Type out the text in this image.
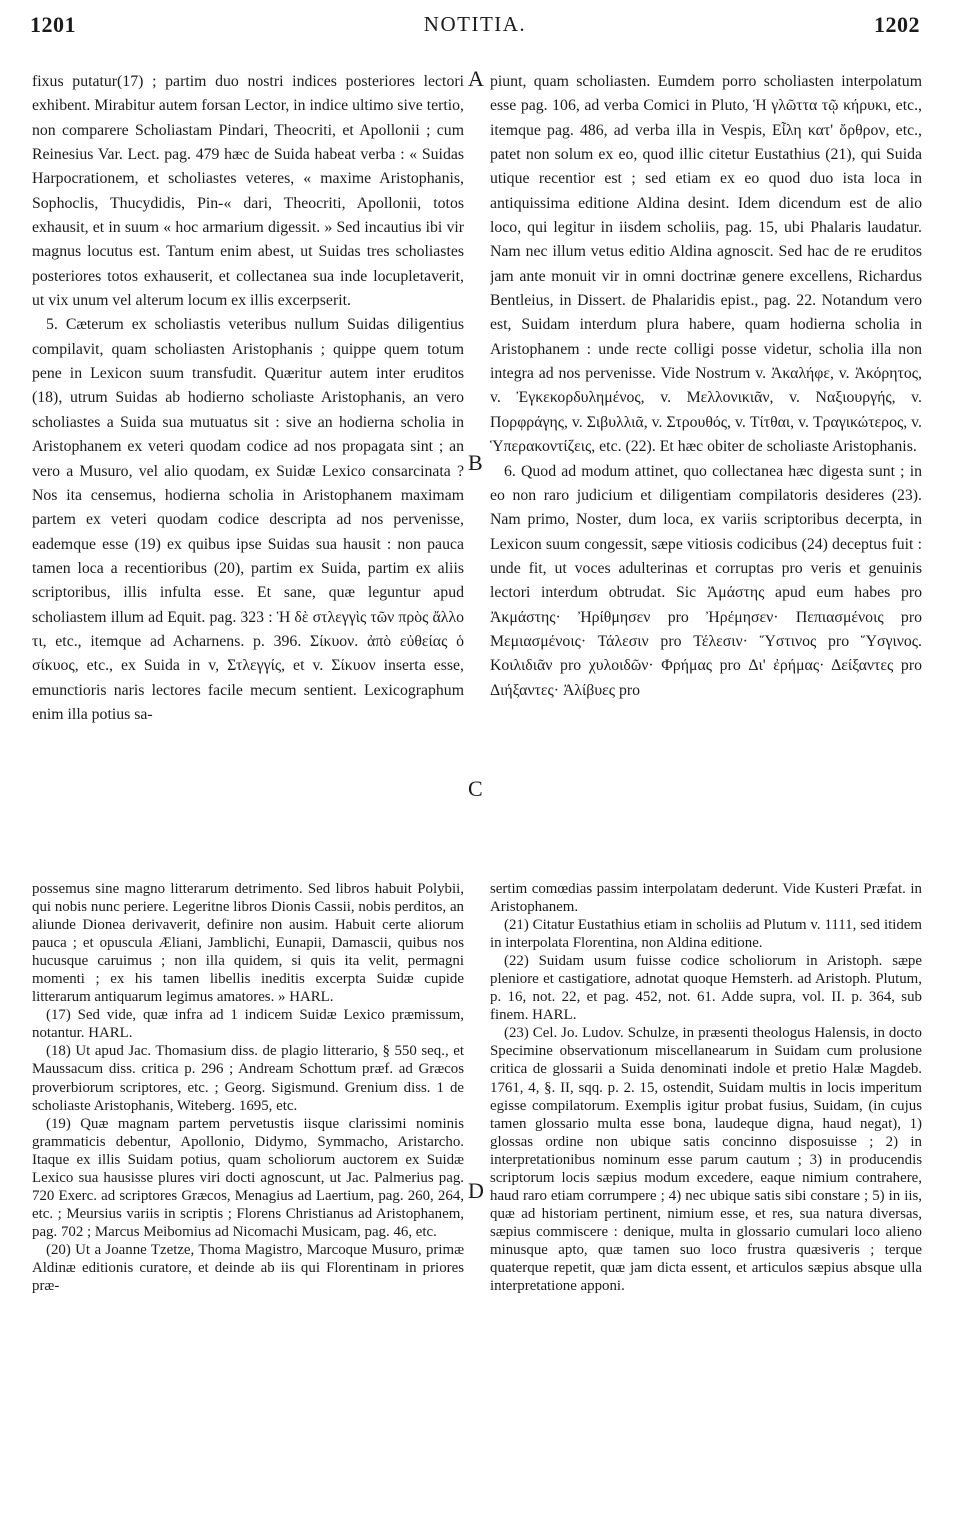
1201	NOTITIA.	1202

fixus putatur(17) ; partim duo nostri indices posteriores lectori exhibent. Mirabitur autem forsan Lector, in indice ultimo sive tertio, non comparere Scholiastam Pindari, Theocriti, et Apollonii ; cum Reinesius Var. Lect. pag. 479 hæc de Suida habeat verba : « Suidas Harpocrationem, et scholiastes veteres, « maxime Aristophanis, Sophoclis, Thucydidis, Pin-« dari, Theocriti, Apollonii, totos exhausit, et in suum « hoc armarium digessit. » Sed incautius ibi vir magnus locutus est. Tantum enim abest, ut Suidas tres scholiastes posteriores totos exhauserit, et collectanea sua inde locupletaverit, ut vix unum vel alterum locum ex illis excerpserit.

5. Cæterum ex scholiastis veteribus nullum Suidas diligentius compilavit, quam scholiasten Aristophanis ; quippe quem totum pene in Lexicon suum transfudit. Quæritur autem inter eruditos (18), utrum Suidas ab hodierno scholiaste Aristophanis, an vero scholiastes a Suida sua mutuatus sit : sive an hodierna scholia in Aristophanem ex veteri quodam codice ad nos propagata sint ; an vero a Musuro, vel alio quodam, ex Suidæ Lexico consarcinata ? Nos ita censemus, hodierna scholia in Aristophanem maximam partem ex veteri quodam codice descripta ad nos pervenisse, eademque esse (19) ex quibus ipse Suidas sua hausit : non pauca tamen loca a recentioribus (20), partim ex Suida, partim ex aliis scriptoribus, illis infulta esse. Et sane, quæ leguntur apud scholiastem illum ad Equit. pag. 323 : Ἡ δὲ στλεγγὶς τῶν πρὸς ἄλλο τι, etc., itemque ad Acharnens. p. 396. Σίκυον. ἀπὸ εὐθείας ὁ σίκυος, etc., ex Suida in v, Στλεγγίς, et v. Σίκυον inserta esse, emunctioris naris lectores facile mecum sentient. Lexicographum enim illa potius sa-

piunt, quam scholiasten. Eumdem porro scholiasten interpolatum esse pag. 106, ad verba Comici in Pluto, Ἡ γλῶττα τῷ κήρυκι, etc., itemque pag. 486, ad verba illa in Vespis, Εἶλη κατ' ὄρθρον, etc., patet non solum ex eo, quod illic citetur Eustathius (21), qui Suida utique recentior est ; sed etiam ex eo quod duo ista loca in antiquissima editione Aldina desint. Idem dicendum est de alio loco, qui legitur in iisdem scholiis, pag. 15, ubi Phalaris laudatur. Nam nec illum vetus editio Aldina agnoscit. Sed hac de re eruditos jam ante monuit vir in omni doctrinæ genere excellens, Richardus Bentleius, in Dissert. de Phalaridis epist., pag. 22. Notandum vero est, Suidam interdum plura habere, quam hodierna scholia in Aristophanem : unde recte colligi posse videtur, scholia illa non integra ad nos pervenisse. Vide Nostrum v. Ἀκαλήφε, v. Ἀκόρητος, v. Ἐγκεκορδυλημένος, v. Μελλονικιᾶν, v. Ναξιουργής, v. Πορφράγης, v. Σιβυλλιᾶ, v. Στρουθός, v. Τίτθαι, v. Τραγικώτερος, v. Ὑπερακοντίζεις, etc. (22). Et hæc obiter de scholiaste Aristophanis.

6. Quod ad modum attinet, quo collectanea hæc digesta sunt ; in eo non raro judicium et diligentiam compilatoris desideres (23). Nam primo, Noster, dum loca, ex variis scriptoribus decerpta, in Lexicon suum congessit, sæpe vitiosis codicibus (24) deceptus fuit : unde fit, ut voces adulterinas et corruptas pro veris et genuinis lectori interdum obtrudat. Sic Ἀμάστης apud eum habes pro Ἀκμάστης· Ἠρίθμησεν pro Ἠρέμησεν· Πεπιασμένοις pro Μεμιασμένοις· Τάλεσιν pro Τέλεσιν· Ὕστινος pro Ὕσγινος. Κοιλιδιᾶν pro χυλοιδῶν· Φρήμας pro Δι' ἐρήμας· Δείξαντες pro Διήξαντες· Ἀλίβυες pro

A
B
C
D

possemus sine magno litterarum detrimento. Sed libros habuit Polybii, qui nobis nunc periere. Legeritne libros Dionis Cassii, nobis perditos, an aliunde Dionea derivaverit, definire non ausim. Habuit certe aliorum pauca ; et opuscula Æliani, Jamblichi, Eunapii, Damascii, quibus nos hucusque caruimus ; non illa quidem, si quis ita velit, permagni momenti ; ex his tamen libellis ineditis excerpta Suidæ cupide litterarum antiquarum legimus amatores. » HARL.

(17) Sed vide, quæ infra ad 1 indicem Suidæ Lexico præmissum, notantur. HARL.

(18) Ut apud Jac. Thomasium diss. de plagio litterario, § 550 seq., et Maussacum diss. critica p. 296 ; Andream Schottum præf. ad Græcos proverbiorum scriptores, etc. ; Georg. Sigismund. Grenium diss. 1 de scholiaste Aristophanis, Witeberg. 1695, etc.

(19) Quæ magnam partem pervetustis iisque clarissimi nominis grammaticis debentur, Apollonio, Didymo, Symmacho, Aristarcho. Itaque ex illis Suidam potius, quam scholiorum auctorem ex Suidæ Lexico sua hausisse plures viri docti agnoscunt, ut Jac. Palmerius pag. 720 Exerc. ad scriptores Græcos, Menagius ad Laertium, pag. 260, 264, etc. ; Meursius variis in scriptis ; Florens Christianus ad Aristophanem, pag. 702 ; Marcus Meibomius ad Nicomachi Musicam, pag. 46, etc.

(20) Ut a Joanne Tzetze, Thoma Magistro, Marcoque Musuro, primæ Aldinæ editionis curatore, et deinde ab iis qui Florentinam in priores præ-

sertim comœdias passim interpolatam dederunt. Vide Kusteri Præfat. in Aristophanem.

(21) Citatur Eustathius etiam in scholiis ad Plutum v. 1111, sed itidem in interpolata Florentina, non Aldina editione.

(22) Suidam usum fuisse codice scholiorum in Aristoph. sæpe pleniore et castigatiore, adnotat quoque Hemsterh. ad Aristoph. Plutum, p. 16, not. 22, et pag. 452, not. 61. Adde supra, vol. II. p. 364, sub finem. HARL.

(23) Cel. Jo. Ludov. Schulze, in præsenti theologus Halensis, in docto Specimine observationum miscellanearum in Suidam cum prolusione critica de glossarii a Suida denominati indole et pretio Halæ Magdeb. 1761, 4, §. II, sqq. p. 2. 15, ostendit, Suidam multis in locis imperitum egisse compilatorum. Exemplis igitur probat fusius, Suidam, (in cujus tamen glossario multa esse bona, laudeque digna, haud negat), 1) glossas ordine non ubique satis concinno disposuisse ; 2) in interpretationibus nominum esse parum cautum ; 3) in producendis scriptorum locis sæpius modum excedere, eaque nimium contrahere, haud raro etiam corrumpere ; 4) nec ubique satis sibi constare ; 5) in iis, quæ ad historiam pertinent, nimium esse, et res, sua natura diversas, sæpius commiscere : denique, multa in glossario cumulari loco alieno minusque apto, quæ tamen suo loco frustra quæsiveris ; terque quaterque repetit, quæ jam dicta essent, et articulos sæpius absque ulla interpretatione apponi.
